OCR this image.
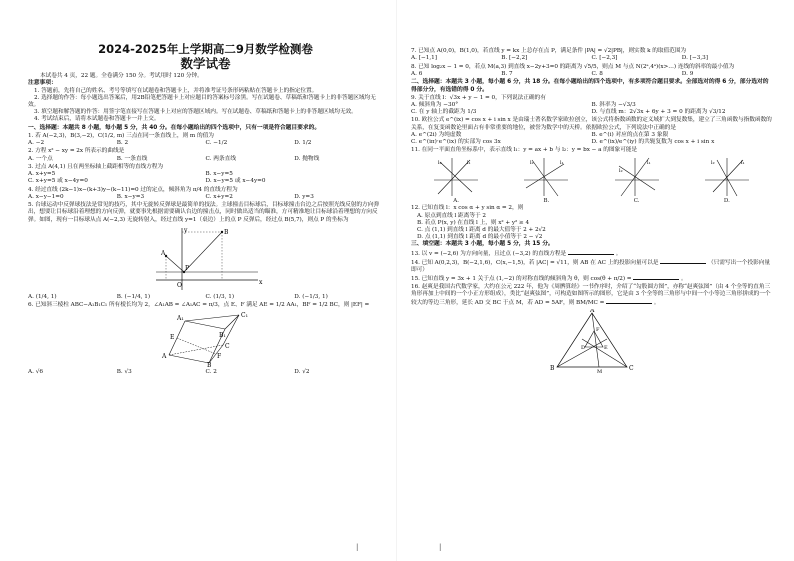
2024-2025年上学期高二9月数学检测卷
数学试卷
本试卷共 4 页，22 题。全卷满分 150 分。考试用时 120 分钟。
注意事项：
1. 答题前，先将自己的姓名、考号等填写在试题卷和答题卡上，并将准考证号条形码粘贴在答题卡上的指定位置。
2. 选择题的作答：每小题选出答案后，用2B铅笔把答题卡上对应题目的答案标号涂黑。写在试题卷、草稿纸和答题卡上的非答题区域均无效。
3. 填空题和解答题的作答：用签字笔直接写在答题卡上对应的答题区域内。写在试题卷、草稿纸和答题卡上的非答题区域均无效。
4. 考试结束后，请将本试题卷和答题卡一并上交。
一、选择题：本题共 8 小题，每小题 5 分，共 40 分。在每小题给出的四个选项中，只有一项是符合题目要求的。
1. 若 A(−2,3)，B(3,−2)，C(1/2, m) 三点在同一条直线上，则 m 的值为
A. −2	B. 2	C. −1/2	D. 1/2
2. 方程 x² − xy = 2x 所表示的曲线是
A. 一个点	B. 一条直线	C. 两条直线	D. 抛物线
3. 过点 A(4,1) 且在两坐标轴上截距相等的直线方程为
A. x+y=5	B. x−y=5
C. x+y=5 或 x−4y=0	D. x−y=5 或 x−4y=0
4. 经过直线 (2k−1)x−(k+3)y−(k−11)=0 过的定点，倾斜角为 π/4 的直线方程为
A. x−y−1=0	B. x−y=3	C. x+y=2	D. y=3
5. 台球运动中反弹球技法是常见的技巧，其中无旋转反弹球是最简单的技法。主球撞击目标球后，目标球撞击台边之后按照光线反射的方向弹出，想要让目标球沿着理想的方向反弹，就要事先根据需要确认台边的撞击点，同时做出适当的瞄准，方可精准地让目标球沿着理想的方向反弹。如图，现有一目标球从点 A(−2,3) 无旋转射入，经过直线 y=1（桌边）上的点 P 反弹后，经过点 B(5,7)，则点 P 的坐标为
A
B
P
O	x
y
A. (1/4, 1)	B. (−1/4, 1)	C. (1/3, 1)	D. (−1/3, 1)
6. 已知斜三棱柱 ABC−A₁B₁C₁ 所有棱长均为 2，∠A₁AB = ∠A₁AC = π/3，点 E、F 满足 AE = 1/2 AA₁，BF = 1/2 BC，则 |EF| =
A
B
C
A₁
B₁
C₁
E
F
A. √6	B. √3	C. 2	D. √2
|
7. 已知点 A(0,0)，B(1,0)，若直线 y = kx 上总存在点 P，满足条件 |PA| = √2|PB|，则实数 k 的取值范围为
A. [−1,1]	B. [−2,2]	C. [−2,3]	D. [−3,3]
8. 已知 log₂x − 1 = 0，若点 M(a,3) 到直线 x−2y+3=0 的距离为 √5/5，则点 M 与点 N(2ᵃ,4ᵃ)(x>…) 连线的斜率的最小值为
A. 6	B. 7	C. 8	D. 9
二、选择题：本题共 3 小题，每小题 6 分，共 18 分。在每小题给出的四个选项中，有多项符合题目要求。全部选对的得 6 分，部分选对的得部分分，有选错的得 0 分。
9. 关于直线 l：√3x + y − 1 = 0，下列说法正确的有
A. 倾斜角为 −30°	B. 斜率为 −√3/3
C. 在 y 轴上的截距为 1/3	D. 与直线 m：2√3x + 6y + 3 = 0 的距离为 √3/12
10. 欧拉公式 e^(ix) = cos x + i sin x 是由瑞士著名数学家欧拉创立，该公式将指数函数的定义域扩大到复数集，建立了三角函数与指数函数的关系，在复变函数论里面占有非常重要的地位，被誉为数学中的天桥。依据欧拉公式，下列说法中正确的是
A. e^(2i) 为纯虚数	B. e^(i) 对应的点在第 3 象限
C. e^(iπ)·e^(ix) 的实部为 cos 3x	D. e^(ix)/e^(iy) 的共轭复数为 cos x + i sin x
11. 在同一平面直角坐标系中，表示直线 l₁：y = ax + b 与 l₂：y = bx − a 的图象可能是
l₁
l₂
A.
l₁
l₂
B.
l₁
l₂
C.
l₁
l₂
D.
12. 已知直线 l：x cos α + y sin α = 2，则
A. 原点到直线 l 距离等于 2
B. 若点 P(x, y) 在直线 l 上，则 x² + y² ≥ 4
C. 点 (1,1) 到直线 l 距离 d 的最大值等于 2 + 2√2
D. 点 (1,1) 到直线 l 距离 d 的最小值等于 2 − √2
三、填空题：本题共 3 小题，每小题 5 分，共 15 分。
13. 以 v = (−2,6) 为方向向量，且过点 (−3,2) 的直线方程是	。
14. 已知 A(0,2,3)，B(−2,1,6)，C(x,−1,5)，若 |AC| = √11，则 AB 在 AC 上的投影向量可以是	（只需写出一个投影向量即可）
15. 已知直线 y = 3x + 1 关于点 (1,−2) 的对称直线的倾斜角为 θ，则 cos(θ + π/2) =	。
16. 赵爽是我国古代数学家，大约在公元 222 年，他为《周髀算经》一书作序时，介绍了“勾股圆方图”，亦称“赵爽弦图”（由 4 个全等的直角三角形再加上中间的一个小正方形组成），类比“赵爽弦图”，可构造如图所示的图形，它是由 3 个全等的三角形与中间一个小等边三角形拼成的一个较大的等边三角形，延长 AD 交 BC 于点 M，若 AD = 5AF，则 BM/MC =	。
A
B	C
D	E
F
M
|
